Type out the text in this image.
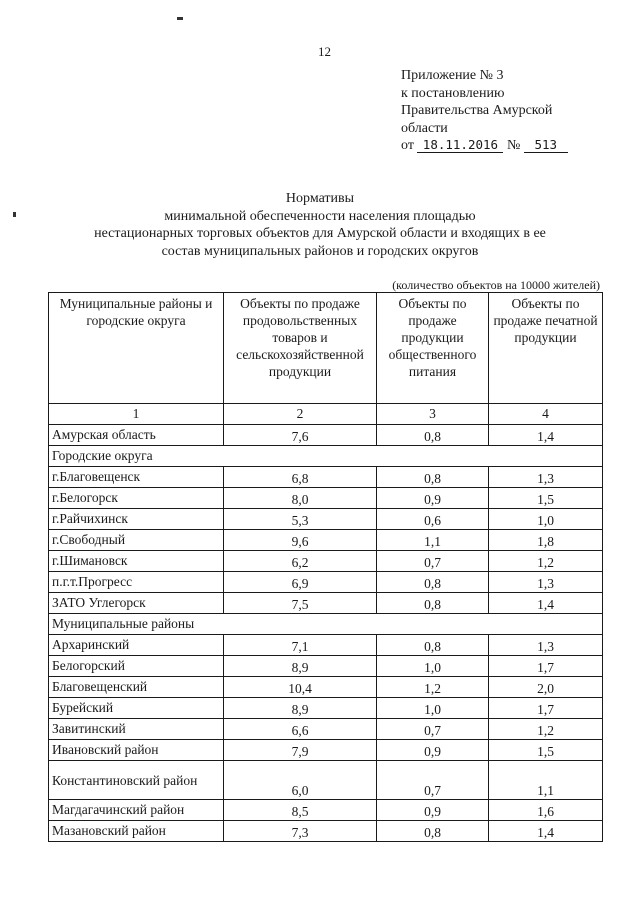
12
Приложение № 3
к постановлению
Правительства Амурской
области
от 18.11.2016 № 513
Нормативы
минимальной обеспеченности населения площадью
нестационарных торговых объектов для Амурской области и входящих в ее
состав муниципальных районов и городских округов
(количество объектов на 10000 жителей)
Муниципальные районы и городские округа	Объекты по продаже продовольственных товаров и сельскохозяйственной продукции	Объекты по продаже продукции общественного питания	Объекты по продаже печатной продукции
1	2	3	4
Амурская область	7,6	0,8	1,4
Городские округа			
г.Благовещенск	6,8	0,8	1,3
г.Белогорск	8,0	0,9	1,5
г.Райчихинск	5,3	0,6	1,0
г.Свободный	9,6	1,1	1,8
г.Шимановск	6,2	0,7	1,2
п.г.т.Прогресс	6,9	0,8	1,3
ЗАТО Углегорск	7,5	0,8	1,4
Муниципальные районы			
Архаринский	7,1	0,8	1,3
Белогорский	8,9	1,0	1,7
Благовещенский	10,4	1,2	2,0
Бурейский	8,9	1,0	1,7
Завитинский	6,6	0,7	1,2
Ивановский район	7,9	0,9	1,5
Константиновский район	6,0	0,7	1,1
Магдагачинский район	8,5	0,9	1,6
Мазановский район	7,3	0,8	1,4
